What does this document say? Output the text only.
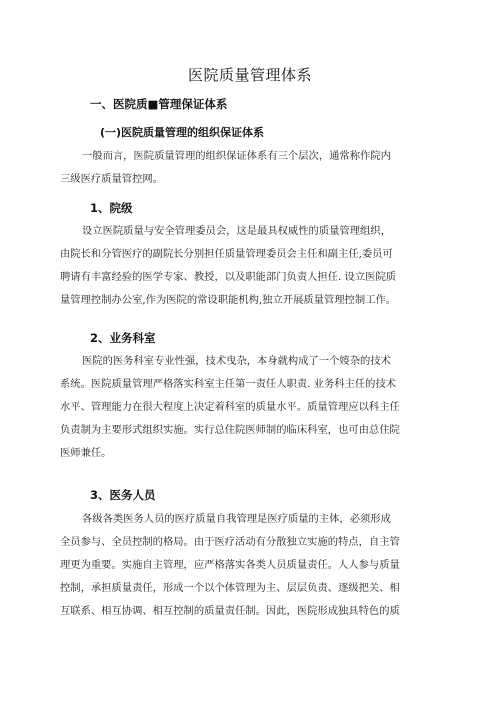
医院质量管理体系
一、医院质■管理保证体系
(一)医院质量管理的组织保证体系
一般而言，医院质量管理的组织保证体系有三个层次，通常称作院内
三级医疗质量管控网。
1、院级
设立医院质量与安全管理委员会，这是最具权威性的质量管理组织，
由院长和分管医疗的副院长分别担任质量管理委员会主任和副主任,委员可
聘请有丰富经验的医学专家、教授，以及职能部门负责人担任. 设立医院质
量管理控制办公室,作为医院的常设职能机构,独立开展质量管理控制工作。
2、业务科室
医院的医务科室专业性强，技术曳杂，本身就构成了一个㛮杂的技术
系统。医院质量管理严格落实科室主任第一责任人职责. 业务科主任的技术
水平、管理能力在很大程度上决定着科室的质量水平。质量管理应以科主任
负责制为主要形式组织实施。实行总住院医师制的临床科室，也可由总住院
医师兼任。
3、医务人员
各级各类医务人员的医疗质量自我管理是医疗质量的主体，必须形成
全员参与、全员控制的格局。由于医疗活动有分散独立实施的特点，自主管
理更为重要。实施自主管理，应严格落实各类人员质量责任。人人参与质量
控制，承担质量责任，形成一个以个体管理为主、层层负责、逐级把关、相
互联系、相互协调、相互控制的质量责任制。因此，医院形成独具特色的质
